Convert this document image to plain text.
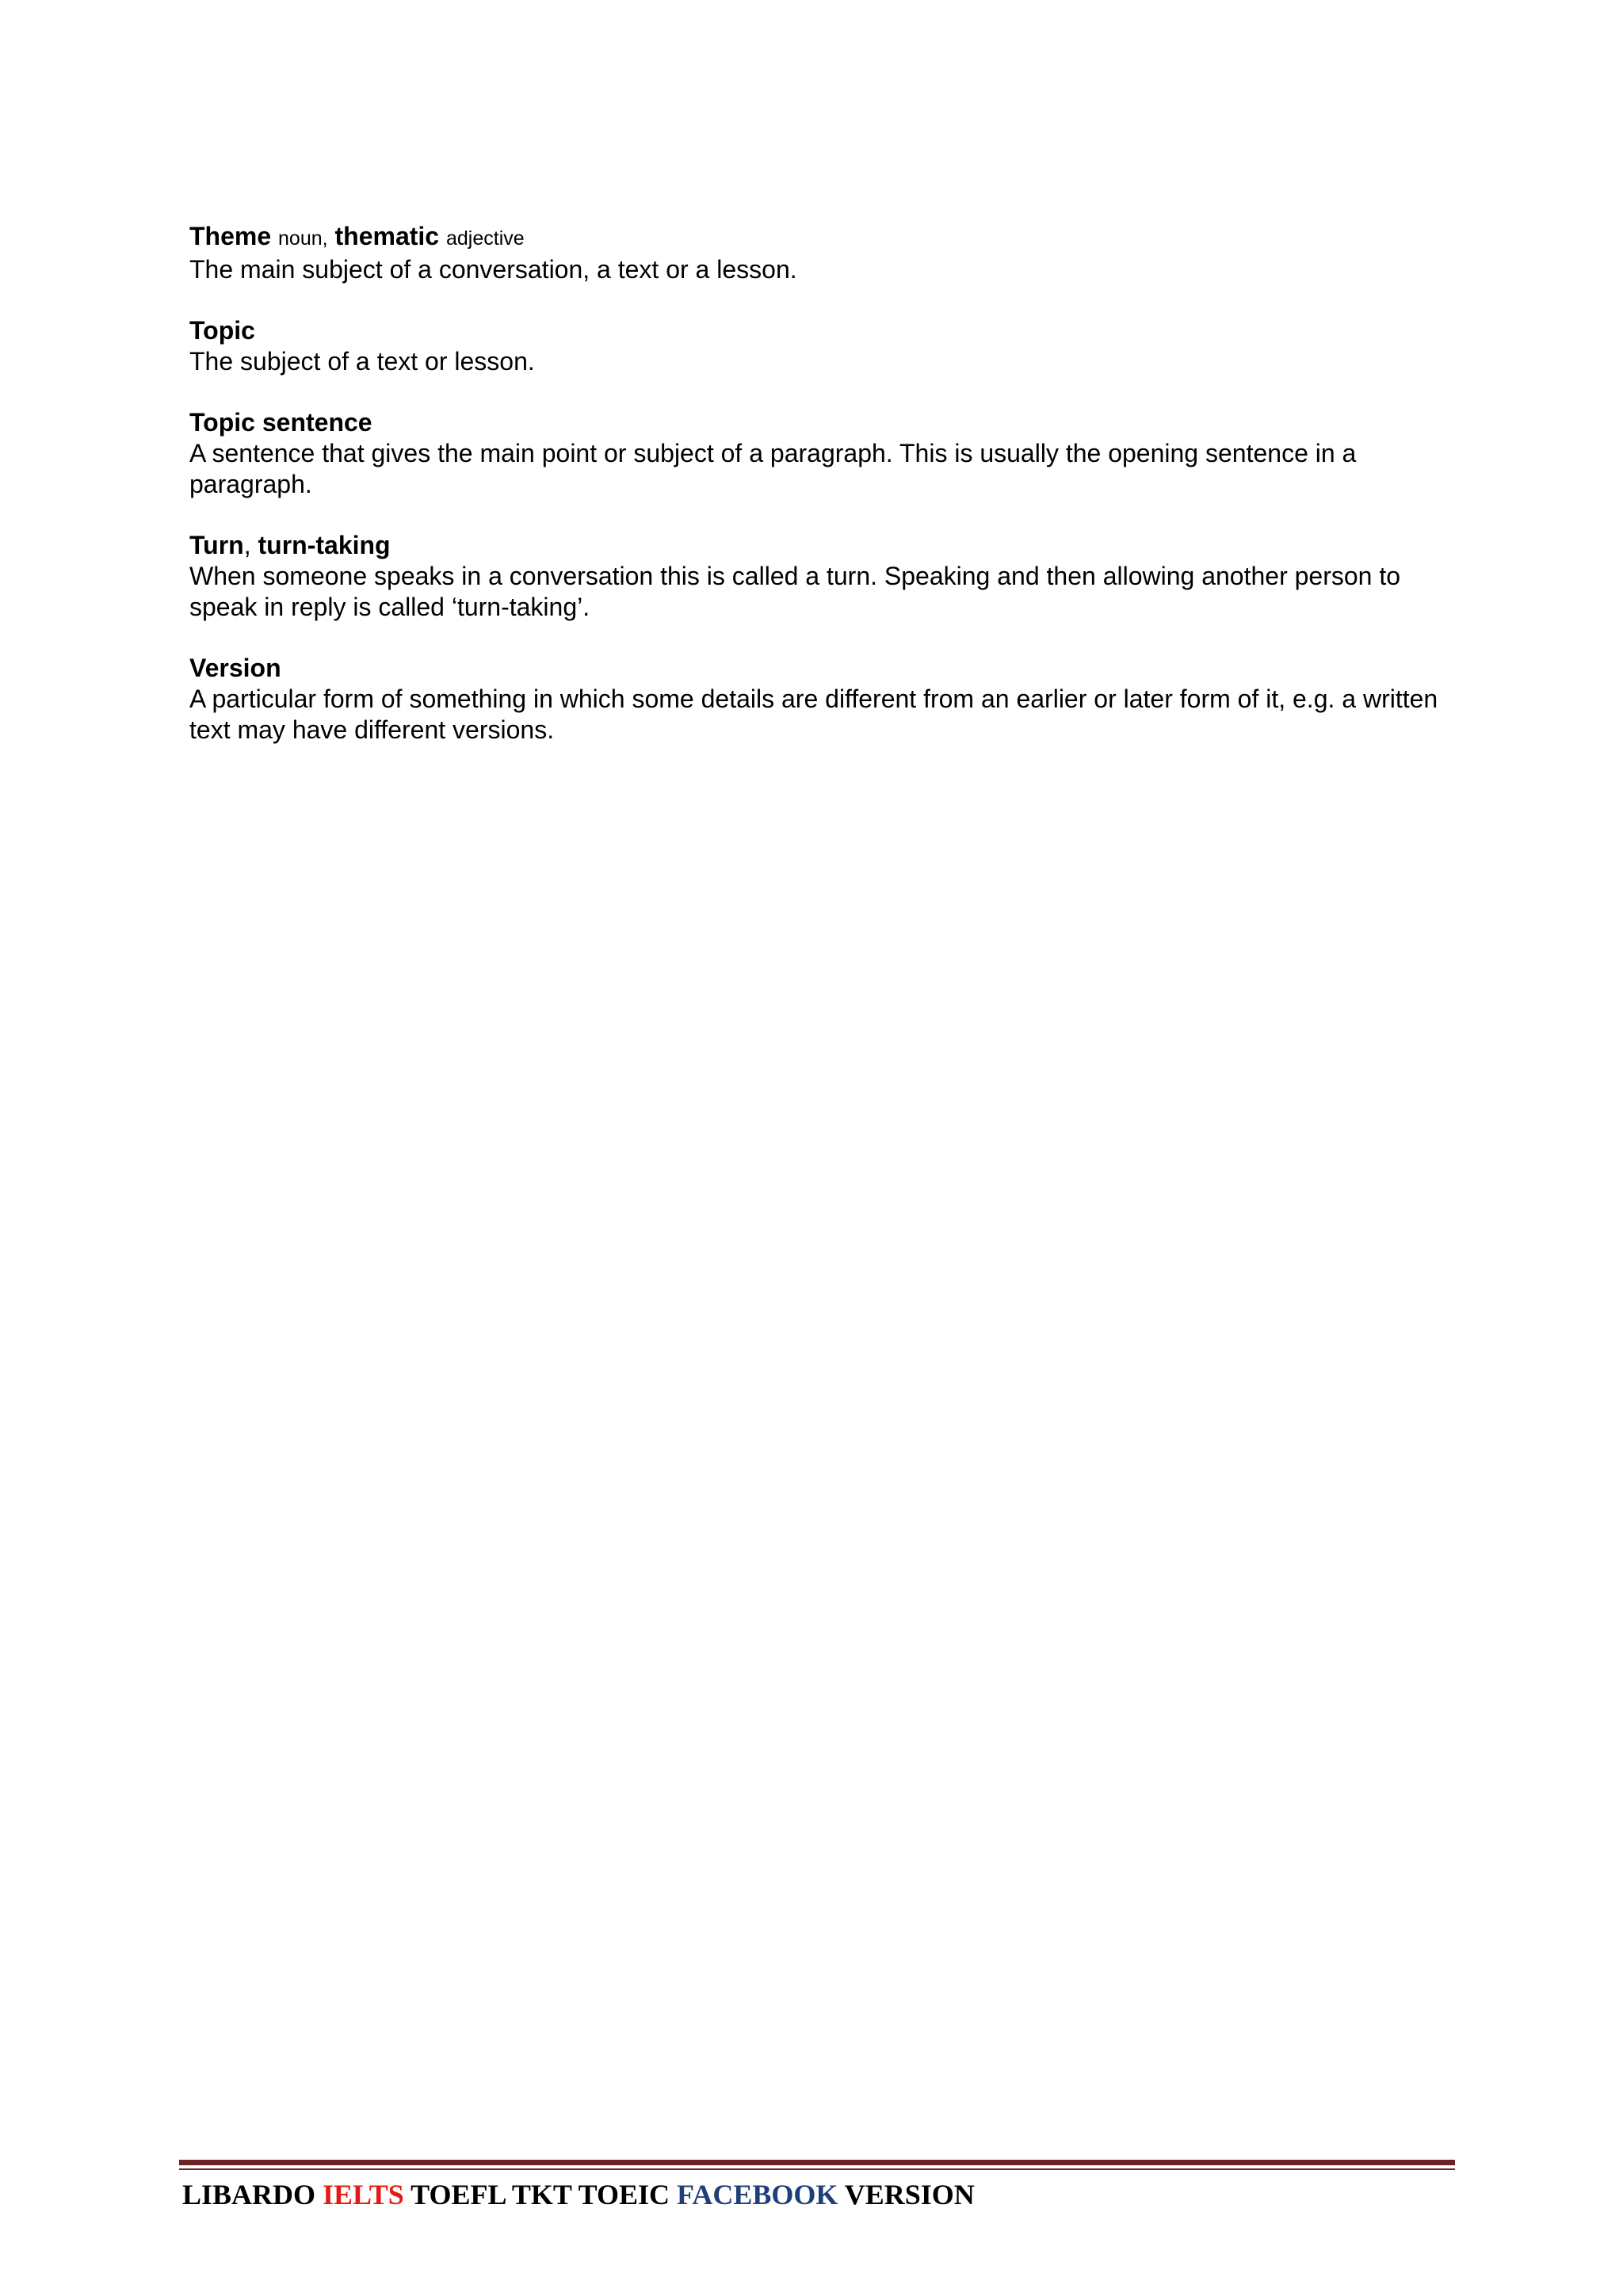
Theme noun, thematic adjective
The main subject of a conversation, a text or a lesson.
Topic
The subject of a text or lesson.
Topic sentence
A sentence that gives the main point or subject of a paragraph. This is usually the opening sentence in a paragraph.
Turn, turn-taking
When someone speaks in a conversation this is called a turn. Speaking and then allowing another person to speak in reply is called ‘turn-taking’.
Version
A particular form of something in which some details are different from an earlier or later form of it, e.g. a written text may have different versions.
LIBARDO IELTS TOEFL TKT TOEIC FACEBOOK VERSION
